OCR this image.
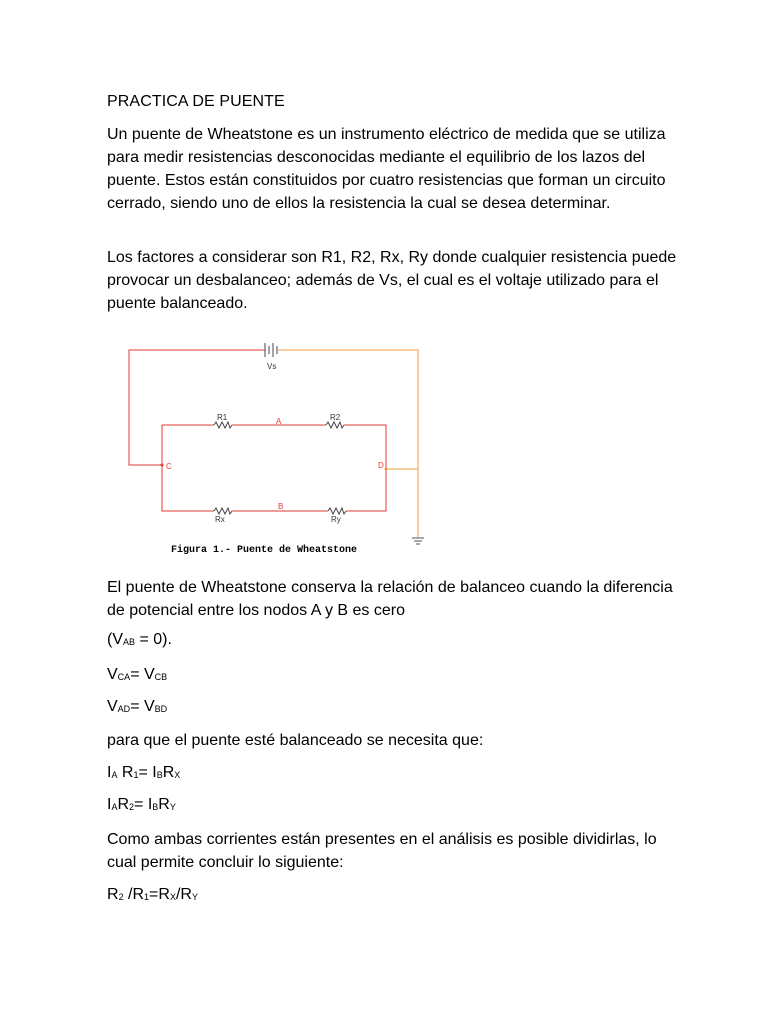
PRACTICA DE PUENTE
Un puente de Wheatstone es un instrumento eléctrico de medida que se utiliza para medir resistencias desconocidas mediante el equilibrio de los lazos del puente. Estos están constituidos por cuatro resistencias que forman un circuito cerrado, siendo uno de ellos la resistencia la cual se desea determinar.
Los factores a considerar son R1, R2, Rx, Ry donde cualquier resistencia puede provocar un desbalanceo; además de Vs, el cual es el voltaje utilizado para el puente balanceado.
El puente de Wheatstone conserva la relación de balanceo cuando la diferencia de potencial entre los nodos A y B es cero
(VAB = 0).
VCA= VCB
VAD= VBD
para que el puente esté balanceado se necesita que:
IA R1= IBRX
IAR2= IBRY
Como ambas corrientes están presentes en el análisis es posible dividirlas, lo cual permite concluir lo siguiente:
R2 /R1=RX/RY
Vs
R1	R2
Rx	Ry
A
B
C	D
Figura 1.- Puente de Wheatstone
